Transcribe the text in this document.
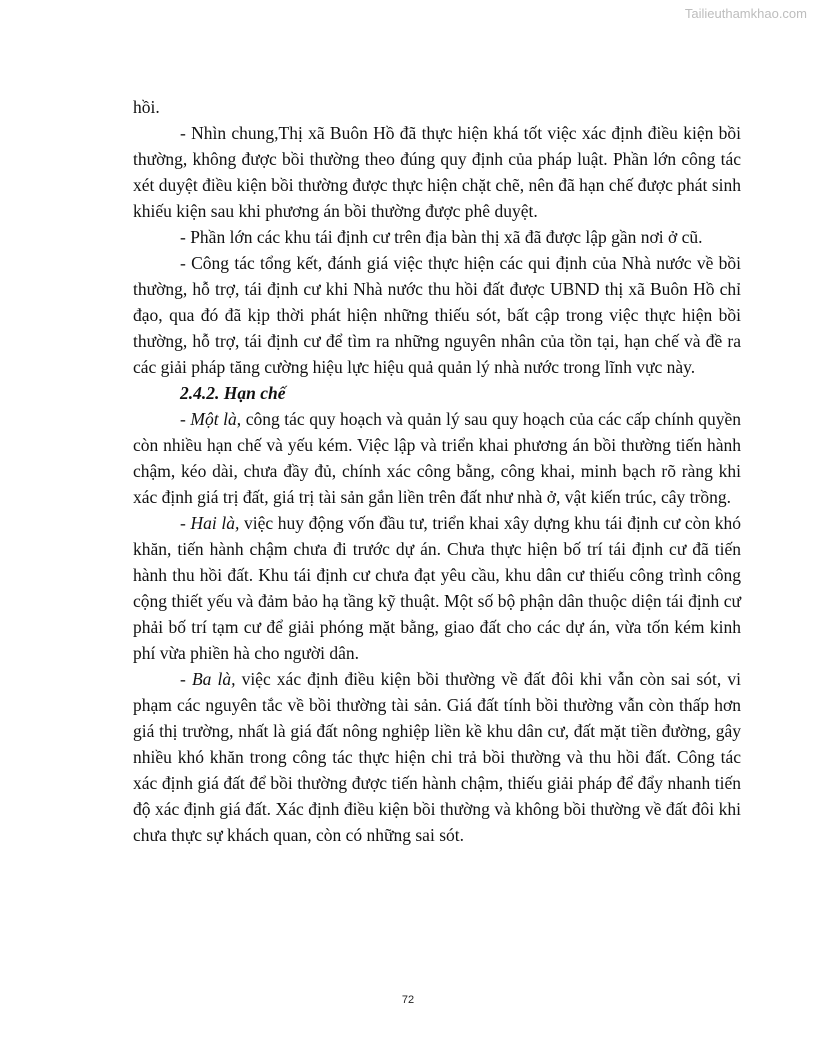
Tailieuthamkhao.com

hồi.

- Nhìn chung,Thị xã Buôn Hồ đã thực hiện khá tốt việc xác định điều kiện bồi thường, không được bồi thường theo đúng quy định của pháp luật. Phần lớn công tác xét duyệt điều kiện bồi thường được thực hiện chặt chẽ, nên đã hạn chế được phát sinh khiếu kiện sau khi phương án bồi thường được phê duyệt.

- Phần lớn các khu tái định cư trên địa bàn thị xã đã được lập gần nơi ở cũ.

- Công tác tổng kết, đánh giá việc thực hiện các qui định của Nhà nước về bồi thường, hỗ trợ, tái định cư khi Nhà nước thu hồi đất được UBND thị xã Buôn Hồ chỉ đạo, qua đó đã kịp thời phát hiện những thiếu sót, bất cập trong việc thực hiện bồi thường, hỗ trợ, tái định cư để tìm ra những nguyên nhân của tồn tại, hạn chế và đề ra các giải pháp tăng cường hiệu lực hiệu quả quản lý nhà nước trong lĩnh vực này.

2.4.2. Hạn chế

- Một là, công tác quy hoạch và quản lý sau quy hoạch của các cấp chính quyền còn nhiều hạn chế và yếu kém. Việc lập và triển khai phương án bồi thường tiến hành chậm, kéo dài, chưa đầy đủ, chính xác công bằng, công khai, minh bạch rõ ràng khi xác định giá trị đất, giá trị tài sản gắn liền trên đất như nhà ở, vật kiến trúc, cây trồng.

- Hai là, việc huy động vốn đầu tư, triển khai xây dựng khu tái định cư còn khó khăn, tiến hành chậm chưa đi trước dự án. Chưa thực hiện bố trí tái định cư đã tiến hành thu hồi đất. Khu tái định cư chưa đạt yêu cầu, khu dân cư thiếu công trình công cộng thiết yếu và đảm bảo hạ tầng kỹ thuật. Một số bộ phận dân thuộc diện tái định cư phải bố trí tạm cư để giải phóng mặt bằng, giao đất cho các dự án, vừa tốn kém kinh phí vừa phiền hà cho người dân.

- Ba là, việc xác định điều kiện bồi thường về đất đôi khi vẫn còn sai sót, vi phạm các nguyên tắc về bồi thường tài sản. Giá đất tính bồi thường vẫn còn thấp hơn giá thị trường, nhất là giá đất nông nghiệp liền kề khu dân cư, đất mặt tiền đường, gây nhiều khó khăn trong công tác thực hiện chi trả bồi thường và thu hồi đất. Công tác xác định giá đất để bồi thường được tiến hành chậm, thiếu giải pháp để đẩy nhanh tiến độ xác định giá đất. Xác định điều kiện bồi thường và không bồi thường về đất đôi khi chưa thực sự khách quan, còn có những sai sót.

72
